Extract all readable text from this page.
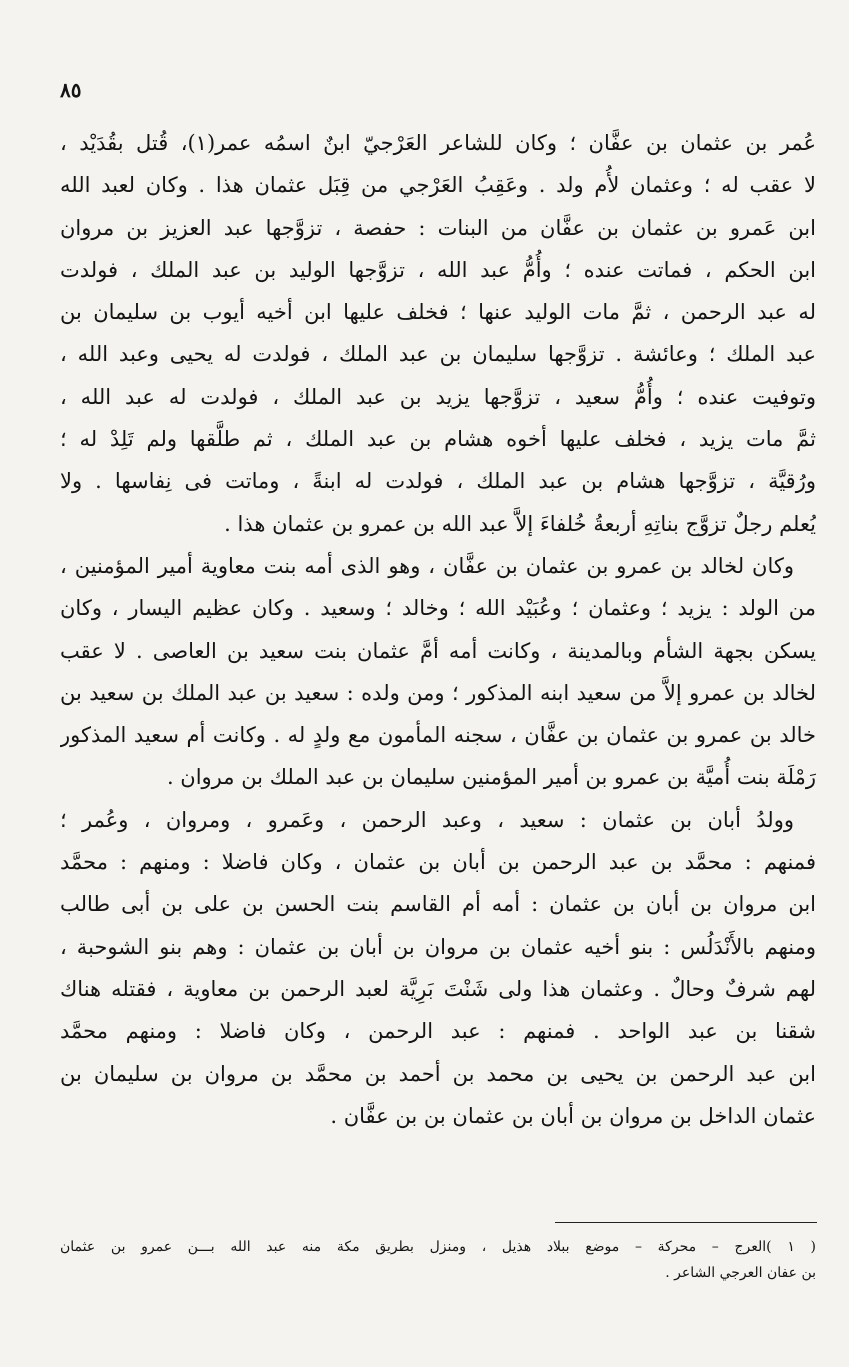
٨٥
عُمر بن عثمان بن عفَّان ؛ وكان للشاعر العَرْجيّ ابنٌ اسمُه عمر(١)، قُتل بقُدَيْد ،
لا عقب له ؛ وعثمان لأُم ولد . وعَقِبُ العَرْجي من قِبَل عثمان هذا . وكان لعبد الله
ابن عَمرو بن عثمان بن عفَّان من البنات : حفصة ، تزوَّجها عبد العزيز بن مروان
ابن الحكم ، فماتت عنده ؛ وأُمُّ عبد الله ، تزوَّجها الوليد بن عبد الملك ، فولدت
له عبد الرحمن ، ثمَّ مات الوليد عنها ؛ فخلف عليها ابن أخيه أيوب بن سليمان بن
عبد الملك ؛ وعائشة . تزوَّجها سليمان بن عبد الملك ، فولدت له يحيى وعبد الله ،
وتوفيت عنده ؛ وأُمُّ سعيد ، تزوَّجها يزيد بن عبد الملك ، فولدت له عبد الله ،
ثمَّ مات يزيد ، فخلف عليها أخوه هشام بن عبد الملك ، ثم طلَّقها ولم تَلِدْ له ؛
ورُقيَّة ، تزوَّجها هشام بن عبد الملك ، فولدت له ابنةً ، وماتت فى نِفاسها . ولا
يُعلم رجلٌ تزوَّج بناتِهِ أربعةُ خُلفاءَ إلاَّ عبد الله بن عمرو بن عثمان هذا .
وكان لخالد بن عمرو بن عثمان بن عفَّان ، وهو الذى أمه بنت معاوية أمير المؤمنين ،
من الولد : يزيد ؛ وعثمان ؛ وعُبَيْد الله ؛ وخالد ؛ وسعيد . وكان عظيم اليسار ، وكان
يسكن بجهة الشأم وبالمدينة ، وكانت أمه أمَّ عثمان بنت سعيد بن العاصى . لا عقب
لخالد بن عمرو إلاَّ من سعيد ابنه المذكور ؛ ومن ولده : سعيد بن عبد الملك بن سعيد بن
خالد بن عمرو بن عثمان بن عفَّان ، سجنه المأمون مع ولدٍ له . وكانت أم سعيد المذكور
رَمْلَة بنت أُميَّة بن عمرو بن أمير المؤمنين سليمان بن عبد الملك بن مروان .
وولدُ أبان بن عثمان : سعيد ، وعبد الرحمن ، وعَمرو ، ومروان ، وعُمر ؛
فمنهم : محمَّد بن عبد الرحمن بن أبان بن عثمان ، وكان فاضلا : ومنهم : محمَّد
ابن مروان بن أبان بن عثمان : أمه أم القاسم بنت الحسن بن على بن أبى طالب
ومنهم بالأَنْدَلُس : بنو أخيه عثمان بن مروان بن أبان بن عثمان : وهم بنو الشوحبة ،
لهم شرفٌ وحالٌ . وعثمان هذا ولى شَنْتَ بَرِيَّة لعبد الرحمن بن معاوية ، فقتله هناك
شقنا بن عبد الواحد . فمنهم : عبد الرحمن ، وكان فاضلا : ومنهم محمَّد
ابن عبد الرحمن بن يحيى بن محمد بن أحمد بن محمَّد بن مروان بن سليمان بن
عثمان الداخل بن مروان بن أبان بن عثمان بن بن عفَّان .
( ١ )العرج – محركة – موضع ببلاد هذيل ، ومنزل بطريق مكة منه عبد الله بـــن عمرو بن عثمان
بن عفان العرجي الشاعر .
